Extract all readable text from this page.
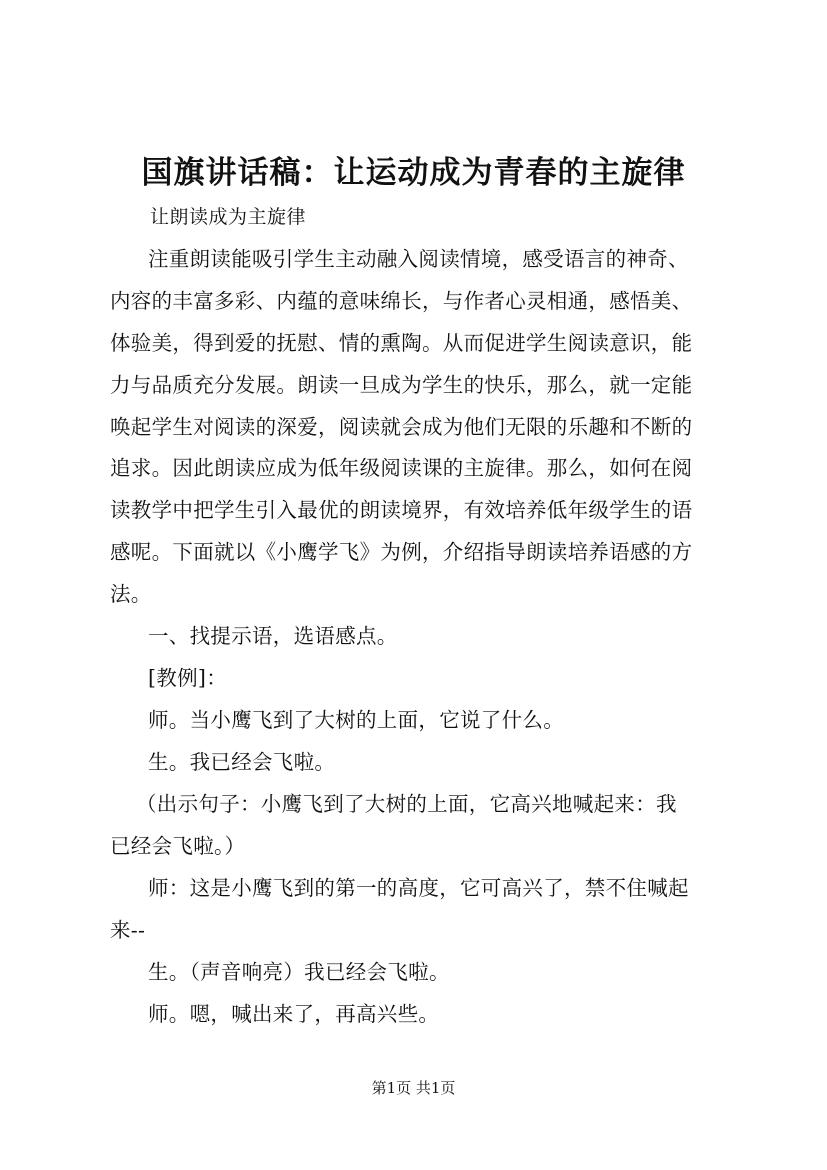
国旗讲话稿：让运动成为青春的主旋律
让朗读成为主旋律
注重朗读能吸引学生主动融入阅读情境，感受语言的神奇、
内容的丰富多彩、内蕴的意味绵长，与作者心灵相通，感悟美、
体验美，得到爱的抚慰、情的熏陶。从而促进学生阅读意识，能
力与品质充分发展。朗读一旦成为学生的快乐，那么，就一定能
唤起学生对阅读的深爱，阅读就会成为他们无限的乐趣和不断的
追求。因此朗读应成为低年级阅读课的主旋律。那么，如何在阅
读教学中把学生引入最优的朗读境界，有效培养低年级学生的语
感呢。下面就以《小鹰学飞》为例，介绍指导朗读培养语感的方
法。
一、找提示语，选语感点。
[教例]：
师。当小鹰飞到了大树的上面，它说了什么。
生。我已经会飞啦。
（出示句子：小鹰飞到了大树的上面，它高兴地喊起来：我
已经会飞啦。）
师：这是小鹰飞到的第一的高度，它可高兴了，禁不住喊起
来--
生。（声音响亮）我已经会飞啦。
师。嗯，喊出来了，再高兴些。
第1页 共1页
